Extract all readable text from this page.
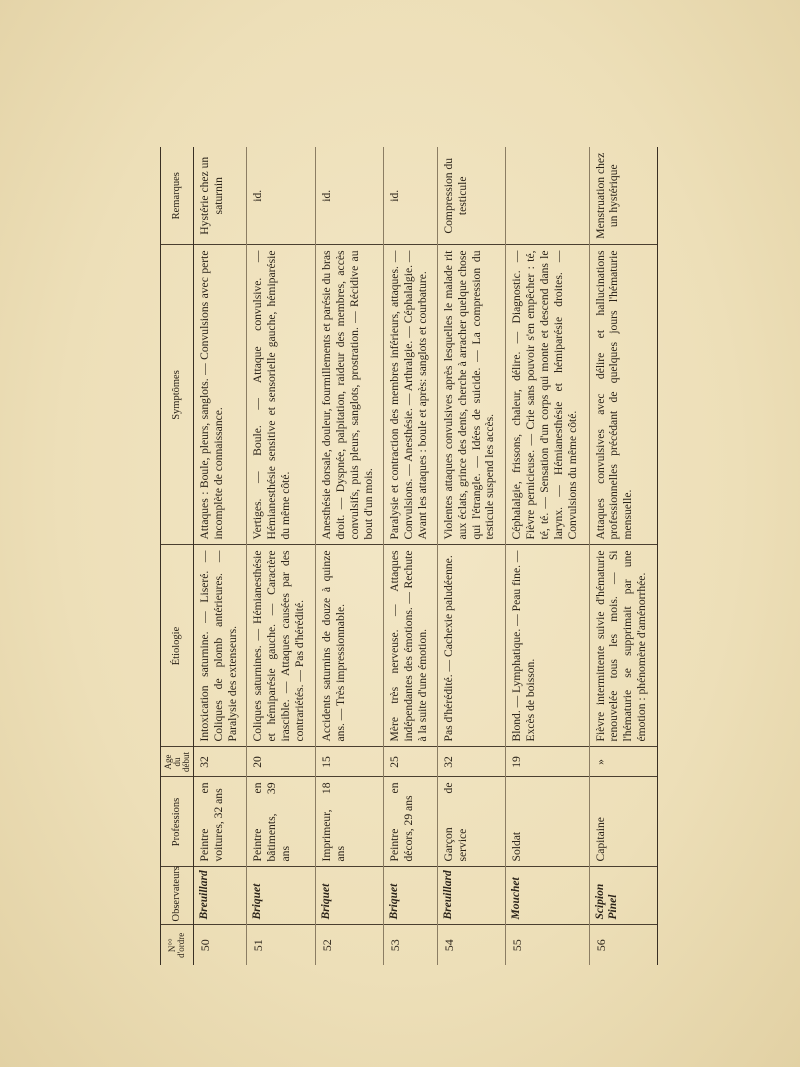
N°° d'ordre	Observateurs	Professions	Age du début	Étiologie	Symptômes	Remarques
50	Breuillard	Peintre en voitures, 32 ans	32	Intoxication saturnine. — Liseré. — Coliques de plomb antérieures. — Paralysie des extenseurs.	Attaques : Boule, pleurs, sanglots. — Convulsions avec perte incomplète de connaissance.	Hystérie chez un saturnin
51	Briquet	Peintre en bâtiments, 39 ans	20	Coliques saturnines. — Hémianesthésie et hémiparésie gauche. — Caractère irascible. — Attaques causées par des contrariétés. — Pas d'hérédité.	Vertiges. — Boule. — Attaque convulsive. — Hémianesthésie sensitive et sensorielle gauche, hémiparésie du même côté.	id.
52	Briquet	Imprimeur, 18 ans	15	Accidents saturnins de douze à quinze ans. — Très impressionnable.	Anesthésie dorsale, douleur, fourmillements et parésie du bras droit. — Dyspnée, palpitation, raideur des membres, accès convulsifs, puis pleurs, sanglots, prostration. — Récidive au bout d'un mois.	id.
53	Briquet	Peintre en décors, 29 ans	25	Mère très nerveuse. — Attaques indépendantes des émotions. — Rechute à la suite d'une émotion.	Paralysie et contraction des membres inférieurs, attaques. — Convulsions. — Anesthésie. — Arthralgie. — Céphalalgie. — Avant les attaques : boule et après: sanglots et courbature.	id.
54	Breuillard	Garçon de service	32	Pas d'hérédité. — Cachexie paludéenne.	Violentes attaques convulsives après lesquelles le malade rit aux éclats, grince des dents, cherche à arracher quelque chose qui l'étrangle. — Idées de suicide. — La compression du testicule suspend les accès.	Compression du testicule
55	Mouchet	Soldat	19	Blond. — Lymphatique. — Peau fine. — Excès de boisson.	Céphalalgie, frissons, chaleur, délire. — Diagnostic. — Fièvre pernicieuse. — Crie sans pouvoir s'en empêcher : té, té, té. — Sensation d'un corps qui monte et descend dans le larynx. — Hémianesthésie et hémiparésie droites. — Convulsions du même côté.	
56	Scipion Pinel	Capitaine	»	Fièvre intermittente suivie d'hématurie renouvelée tous les mois. — Si l'hématurie se supprimait par une émotion : phénomène d'aménorrhée.	Attaques convulsives avec délire et hallucinations professionnelles précédant de quelques jours l'hématurie mensuelle.	Menstruation chez un hystérique
